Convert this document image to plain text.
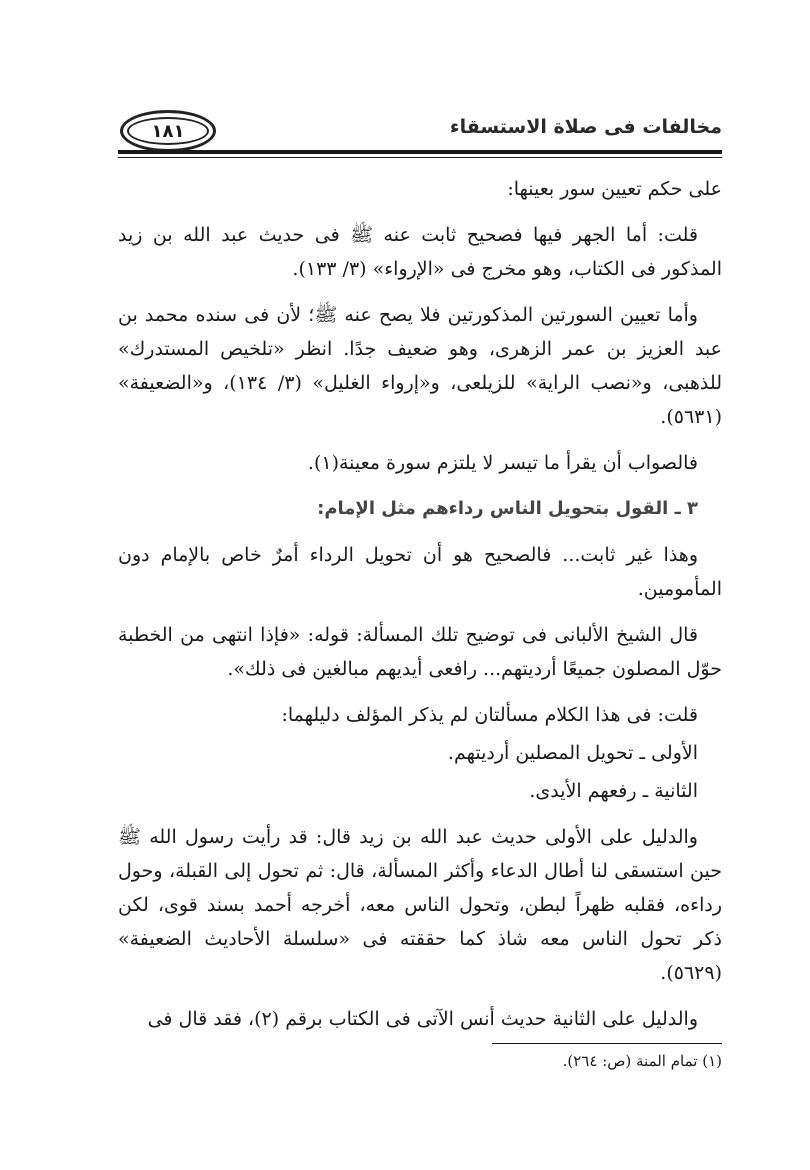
مخالفات فى صلاة الاستسقاء
١٨١

على حكم تعيين سور بعينها:

قلت: أما الجهر فيها فصحيح ثابت عنه ﷺ فى حديث عبد الله بن زيد المذكور فى الكتاب، وهو مخرج فى «الإرواء» (٣/ ١٣٣).

وأما تعيين السورتين المذكورتين فلا يصح عنه ﷺ؛ لأن فى سنده محمد بن عبد العزيز بن عمر الزهرى، وهو ضعيف جدًا. انظر «تلخيص المستدرك» للذهبى، و«نصب الراية» للزيلعى، و«إرواء الغليل» (٣/ ١٣٤)، و«الضعيفة» (٥٦٣١).

فالصواب أن يقرأ ما تيسر لا يلتزم سورة معينة(١).

٣ ـ القول بتحويل الناس رداءهم مثل الإمام:

وهذا غير ثابت... فالصحيح هو أن تحويل الرداء أمرٌ خاص بالإمام دون المأمومين.

قال الشيخ الألبانى فى توضيح تلك المسألة: قوله: «فإذا انتهى من الخطبة حوّل المصلون جميعًا أرديتهم... رافعى أيديهم مبالغين فى ذلك».

قلت: فى هذا الكلام مسألتان لم يذكر المؤلف دليلهما:

الأولى ـ تحويل المصلين أرديتهم.

الثانية ـ رفعهم الأيدى.

والدليل على الأولى حديث عبد الله بن زيد قال: قد رأيت رسول الله ﷺ حين استسقى لنا أطال الدعاء وأكثر المسألة، قال: ثم تحول إلى القبلة، وحول رداءه، فقلبه ظهراً لبطن، وتحول الناس معه، أخرجه أحمد بسند قوى، لكن ذكر تحول الناس معه شاذ كما حققته فى «سلسلة الأحاديث الضعيفة» (٥٦٢٩).

والدليل على الثانية حديث أنس الآتى فى الكتاب برقم (٢)، فقد قال فى

(١) تمام المنة (ص: ٢٦٤).
